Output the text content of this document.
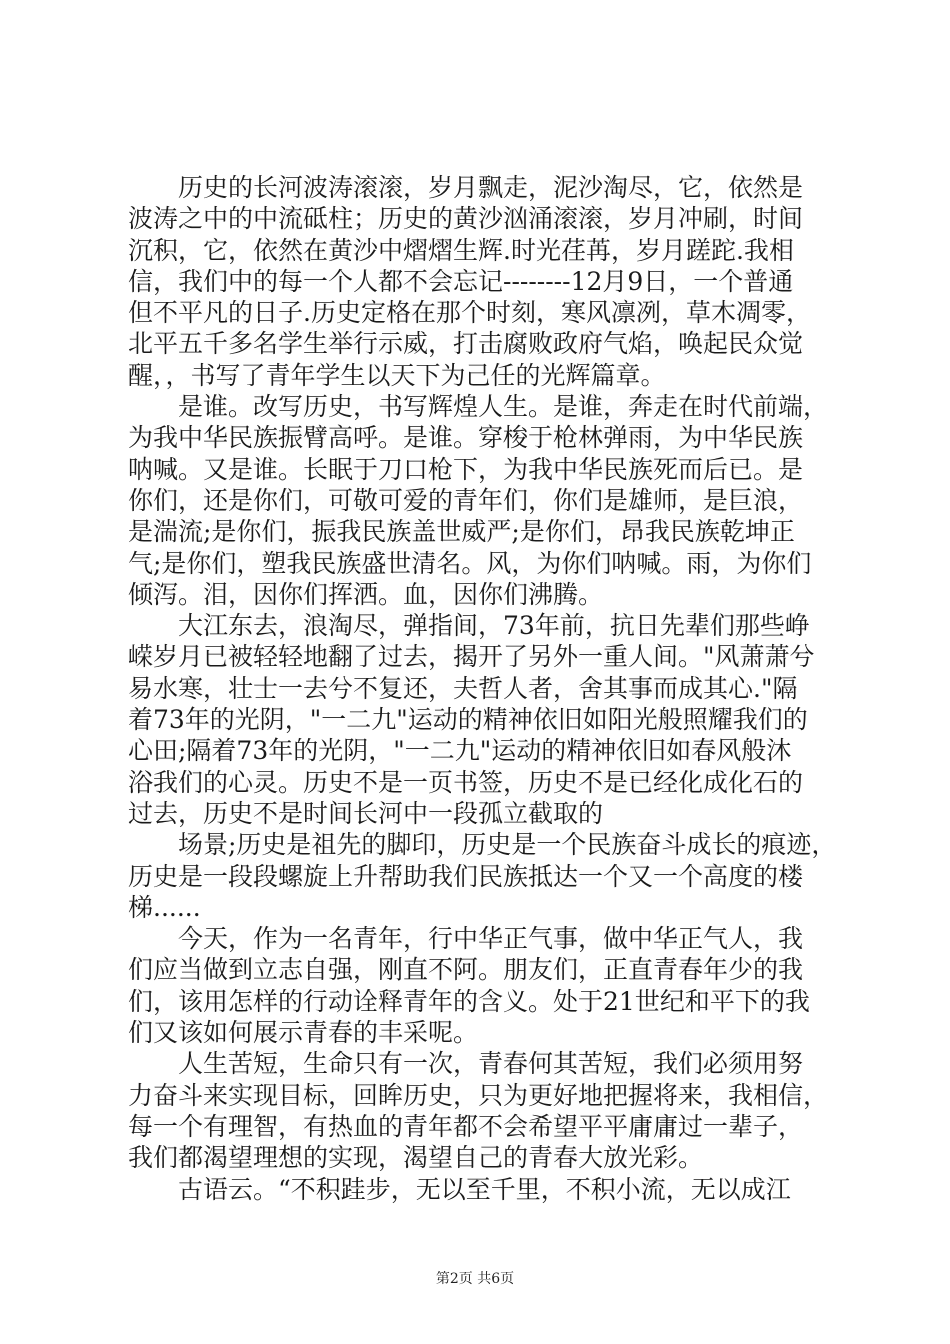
历史的长河波涛滚滚，岁月飘走，泥沙淘尽，它，依然是
波涛之中的中流砥柱；历史的黄沙汹涌滚滚，岁月冲刷，时间
沉积，它，依然在黄沙中熠熠生辉.时光荏苒，岁月蹉跎.我相
信，我们中的每一个人都不会忘记--------12月9日，一个普通
但不平凡的日子.历史定格在那个时刻，寒风凛冽，草木凋零，
北平五千多名学生举行示威，打击腐败政府气焰，唤起民众觉
醒，，书写了青年学生以天下为己任的光辉篇章。
是谁。改写历史，书写辉煌人生。是谁，奔走在时代前端，
为我中华民族振臂高呼。是谁。穿梭于枪林弹雨，为中华民族
呐喊。又是谁。长眠于刀口枪下，为我中华民族死而后已。是
你们，还是你们，可敬可爱的青年们，你们是雄师，是巨浪，
是湍流;是你们，振我民族盖世威严;是你们，昂我民族乾坤正
气;是你们，塑我民族盛世清名。风，为你们呐喊。雨，为你们
倾泻。泪，因你们挥洒。血，因你们沸腾。
大江东去，浪淘尽，弹指间，73年前，抗日先辈们那些峥
嵘岁月已被轻轻地翻了过去，揭开了另外一重人间。"风萧萧兮
易水寒，壮士一去兮不复还，夫哲人者，舍其事而成其心."隔
着73年的光阴，"一二九"运动的精神依旧如阳光般照耀我们的
心田;隔着73年的光阴，"一二九"运动的精神依旧如春风般沐
浴我们的心灵。历史不是一页书签，历史不是已经化成化石的
过去，历史不是时间长河中一段孤立截取的
场景;历史是祖先的脚印，历史是一个民族奋斗成长的痕迹，
历史是一段段螺旋上升帮助我们民族抵达一个又一个高度的楼
梯......
今天，作为一名青年，行中华正气事，做中华正气人，我
们应当做到立志自强，刚直不阿。朋友们，正直青春年少的我
们，该用怎样的行动诠释青年的含义。处于21世纪和平下的我
们又该如何展示青春的丰采呢。
人生苦短，生命只有一次，青春何其苦短，我们必须用努
力奋斗来实现目标，回眸历史，只为更好地把握将来，我相信，
每一个有理智，有热血的青年都不会希望平平庸庸过一辈子，
我们都渴望理想的实现，渴望自己的青春大放光彩。
古语云。“不积跬步，无以至千里，不积小流，无以成江
第2页 共6页
